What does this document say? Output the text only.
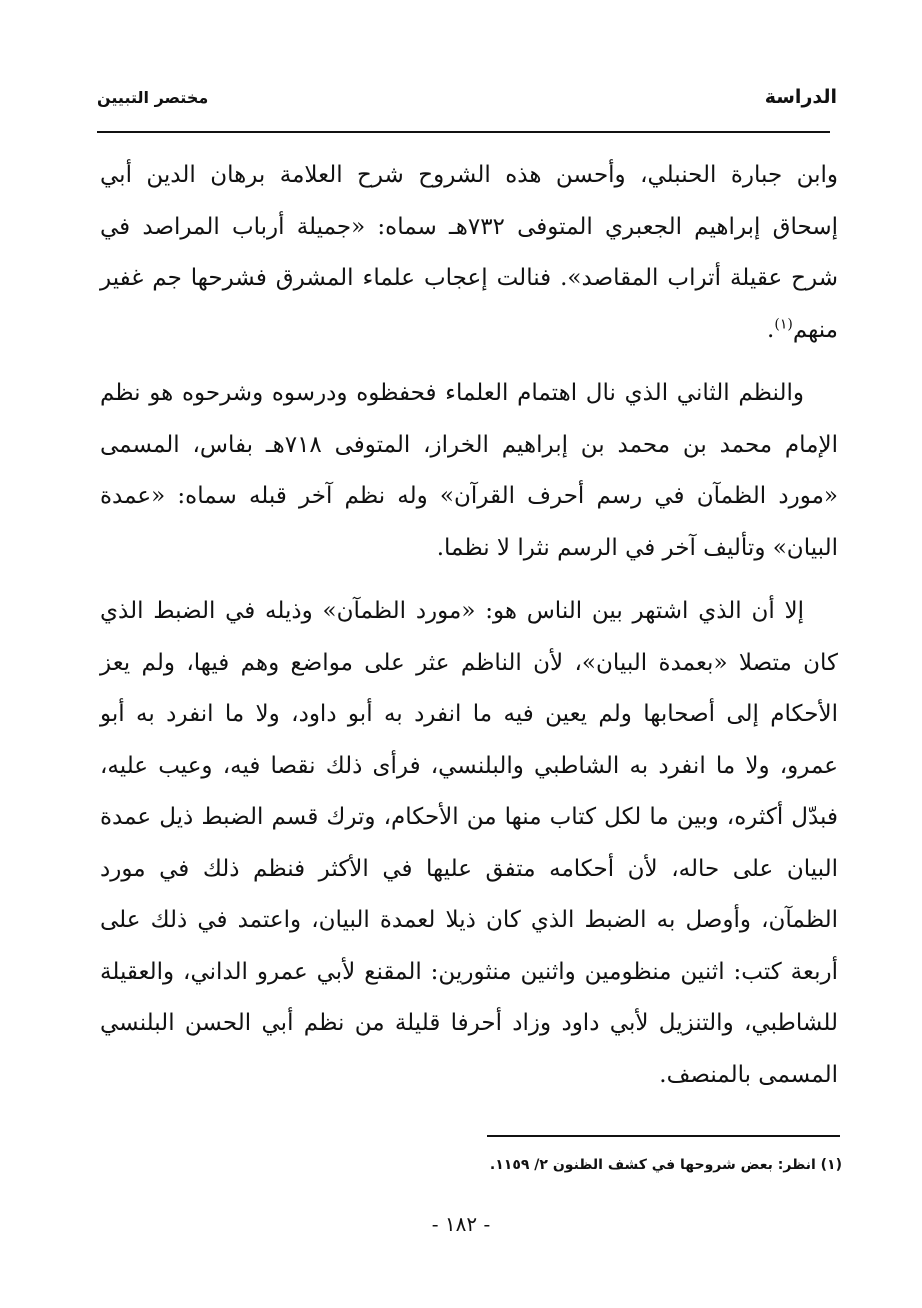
الدراسة
مختصر التبيين

وابن جبارة الحنبلي، وأحسن هذه الشروح شرح العلامة برهان الدين أبي إسحاق إبراهيم الجعبري المتوفى ٧٣٢هـ سماه: «جميلة أرباب المراصد في شرح عقيلة أتراب المقاصد». فنالت إعجاب علماء المشرق فشرحها جم غفير منهم$^{(١)}$.

والنظم الثاني الذي نال اهتمام العلماء فحفظوه ودرسوه وشرحوه هو نظم الإمام محمد بن محمد بن إبراهيم الخراز، المتوفى ٧١٨هـ بفاس، المسمى «مورد الظمآن في رسم أحرف القرآن» وله نظم آخر قبله سماه: «عمدة البيان» وتأليف آخر في الرسم نثرا لا نظما.

إلا أن الذي اشتهر بين الناس هو: «مورد الظمآن» وذيله في الضبط الذي كان متصلا «بعمدة البيان»، لأن الناظم عثر على مواضع وهم فيها، ولم يعز الأحكام إلى أصحابها ولم يعين فيه ما انفرد به أبو داود، ولا ما انفرد به أبو عمرو، ولا ما انفرد به الشاطبي والبلنسي، فرأى ذلك نقصا فيه، وعيب عليه، فبدّل أكثره، وبين ما لكل كتاب منها من الأحكام، وترك قسم الضبط ذيل عمدة البيان على حاله، لأن أحكامه متفق عليها في الأكثر فنظم ذلك في مورد الظمآن، وأوصل به الضبط الذي كان ذيلا لعمدة البيان، واعتمد في ذلك على أربعة كتب: اثنين منظومين واثنين منثورين: المقنع لأبي عمرو الداني، والعقيلة للشاطبي، والتنزيل لأبي داود وزاد أحرفا قليلة من نظم أبي الحسن البلنسي المسمى بالمنصف.

(١) انظر: بعض شروحها في كشف الظنون ٢/ ١١٥٩.
- ١٨٢ -
